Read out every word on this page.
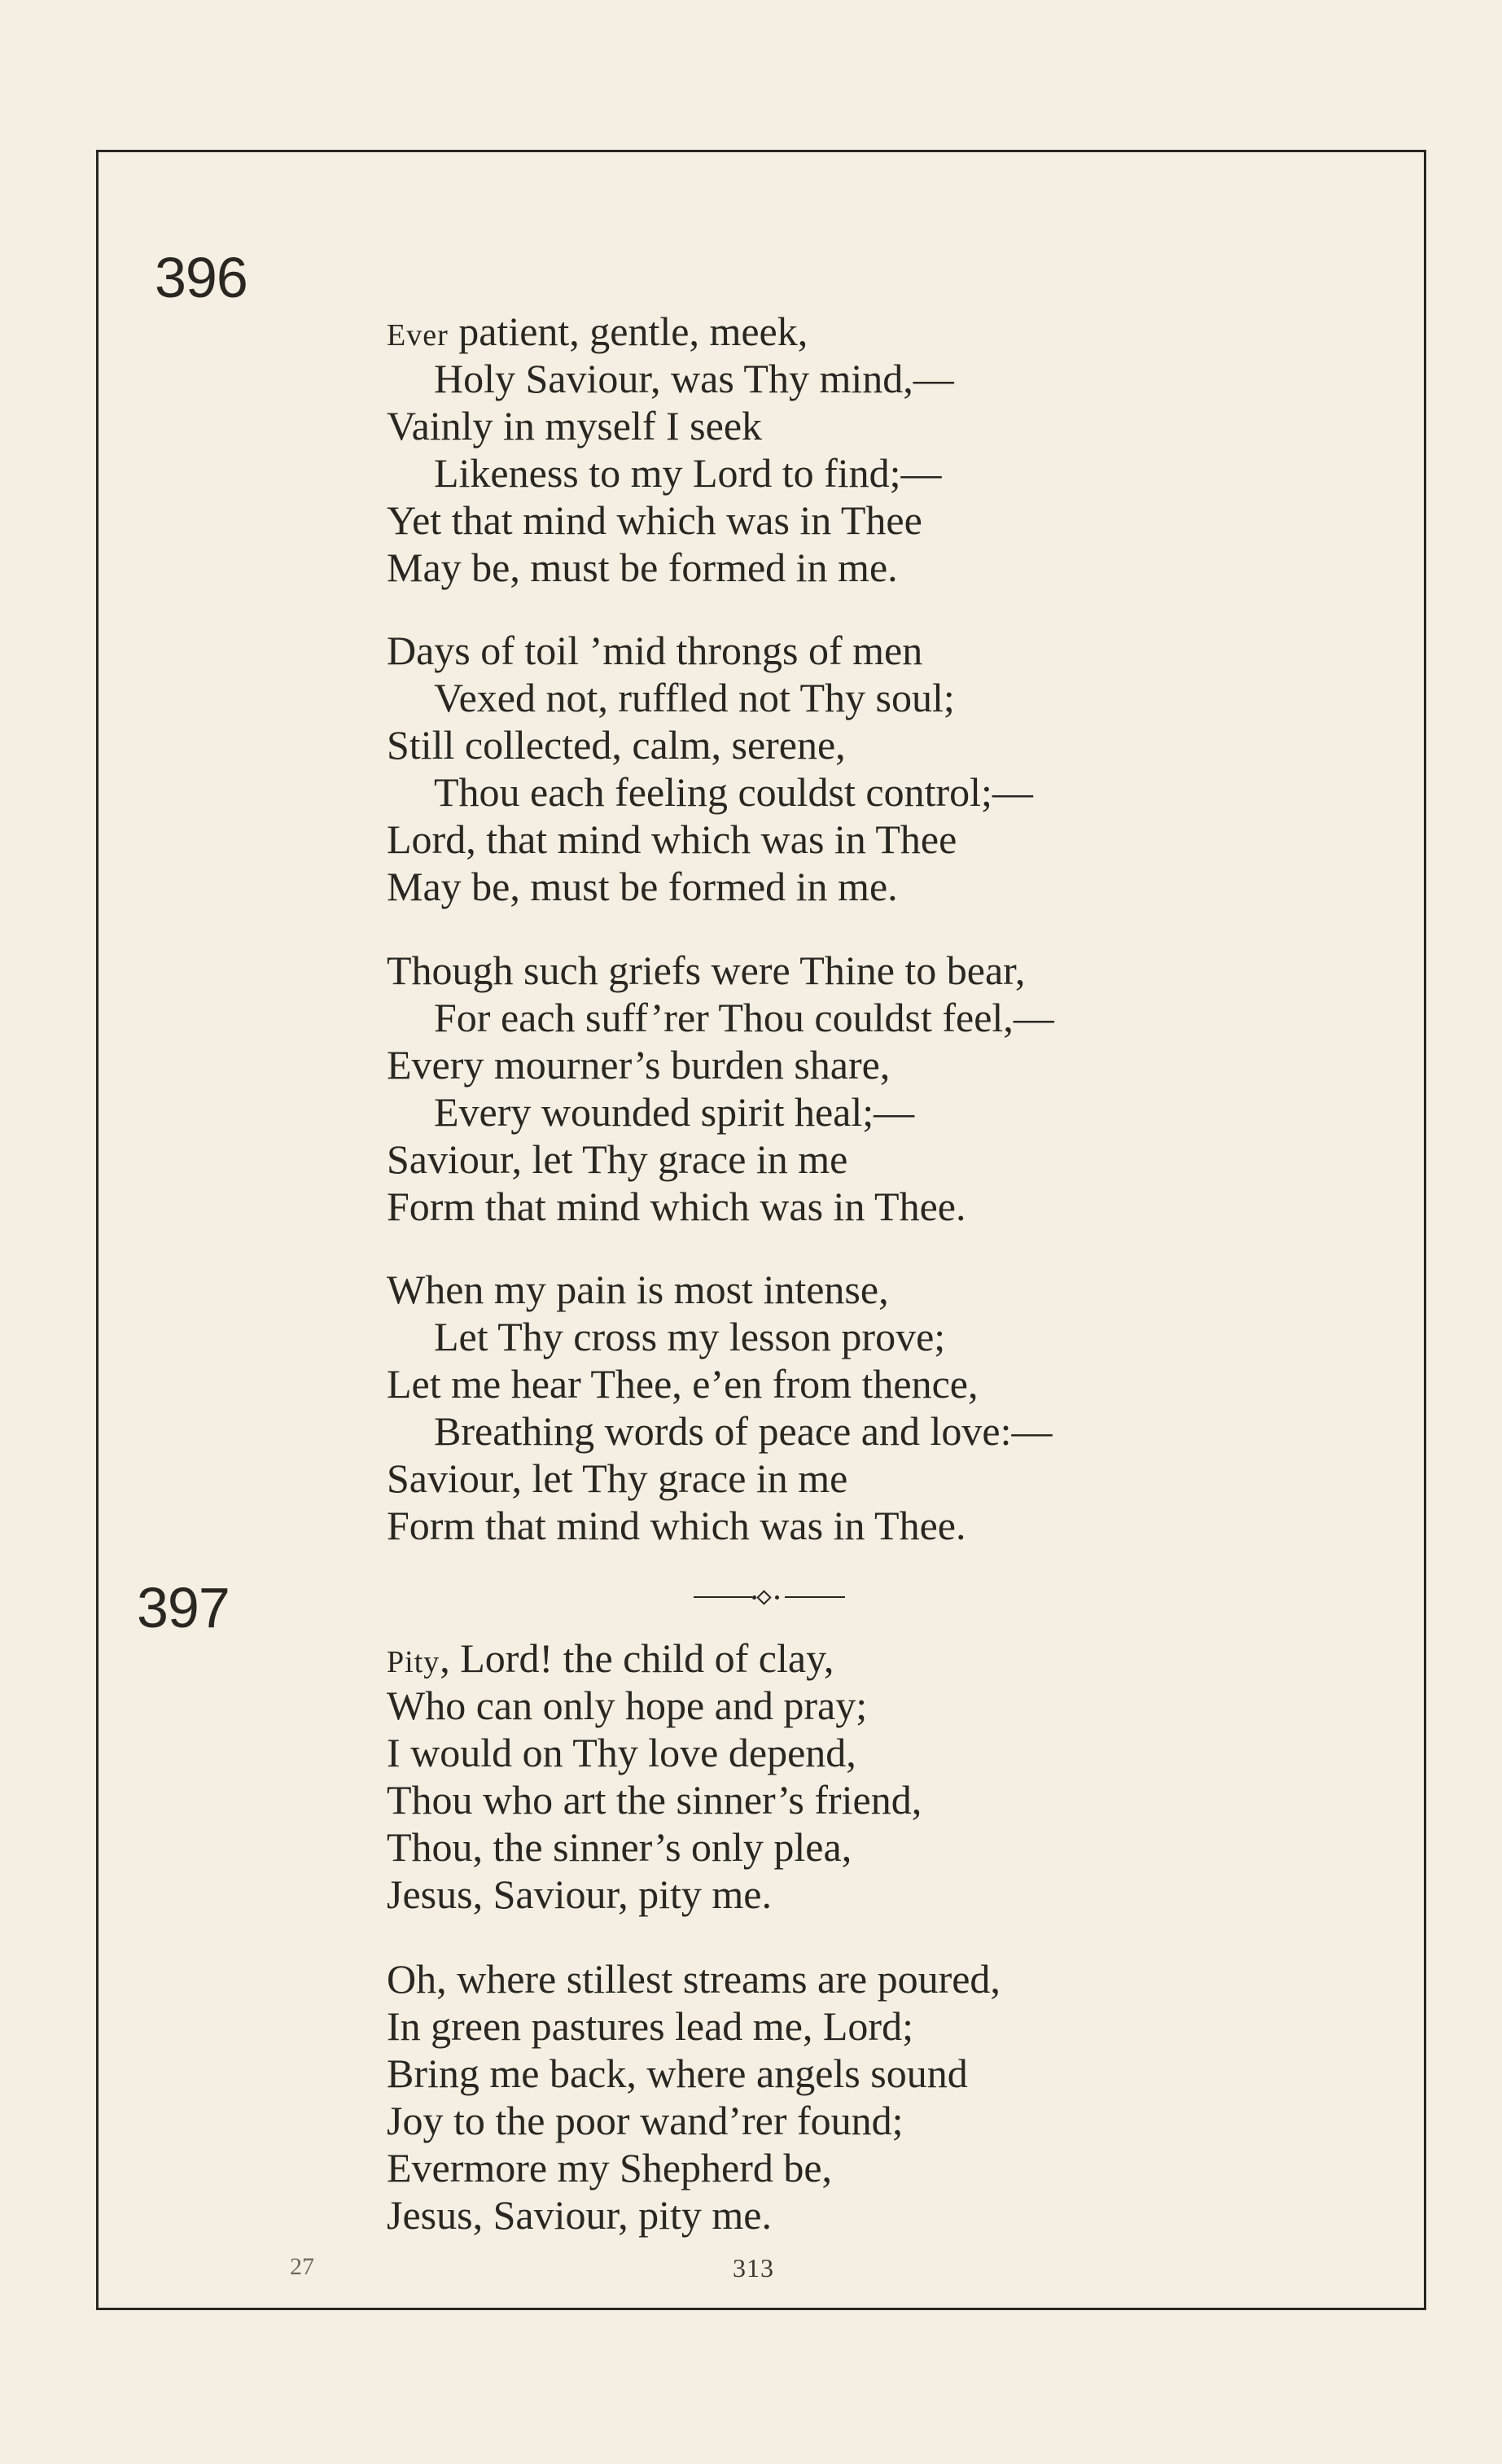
396
Ever patient, gentle, meek,
Holy Saviour, was Thy mind,—
Vainly in myself I seek
Likeness to my Lord to find;—
Yet that mind which was in Thee
May be, must be formed in me.
Days of toil ’mid throngs of men
Vexed not, ruffled not Thy soul;
Still collected, calm, serene,
Thou each feeling couldst control;—
Lord, that mind which was in Thee
May be, must be formed in me.
Though such griefs were Thine to bear,
For each suff’rer Thou couldst feel,—
Every mourner’s burden share,
Every wounded spirit heal;—
Saviour, let Thy grace in me
Form that mind which was in Thee.
When my pain is most intense,
Let Thy cross my lesson prove;
Let me hear Thee, e’en from thence,
Breathing words of peace and love:—
Saviour, let Thy grace in me
Form that mind which was in Thee.
397
Pity, Lord! the child of clay,
Who can only hope and pray;
I would on Thy love depend,
Thou who art the sinner’s friend,
Thou, the sinner’s only plea,
Jesus, Saviour, pity me.
Oh, where stillest streams are poured,
In green pastures lead me, Lord;
Bring me back, where angels sound
Joy to the poor wand’rer found;
Evermore my Shepherd be,
Jesus, Saviour, pity me.
27	313
